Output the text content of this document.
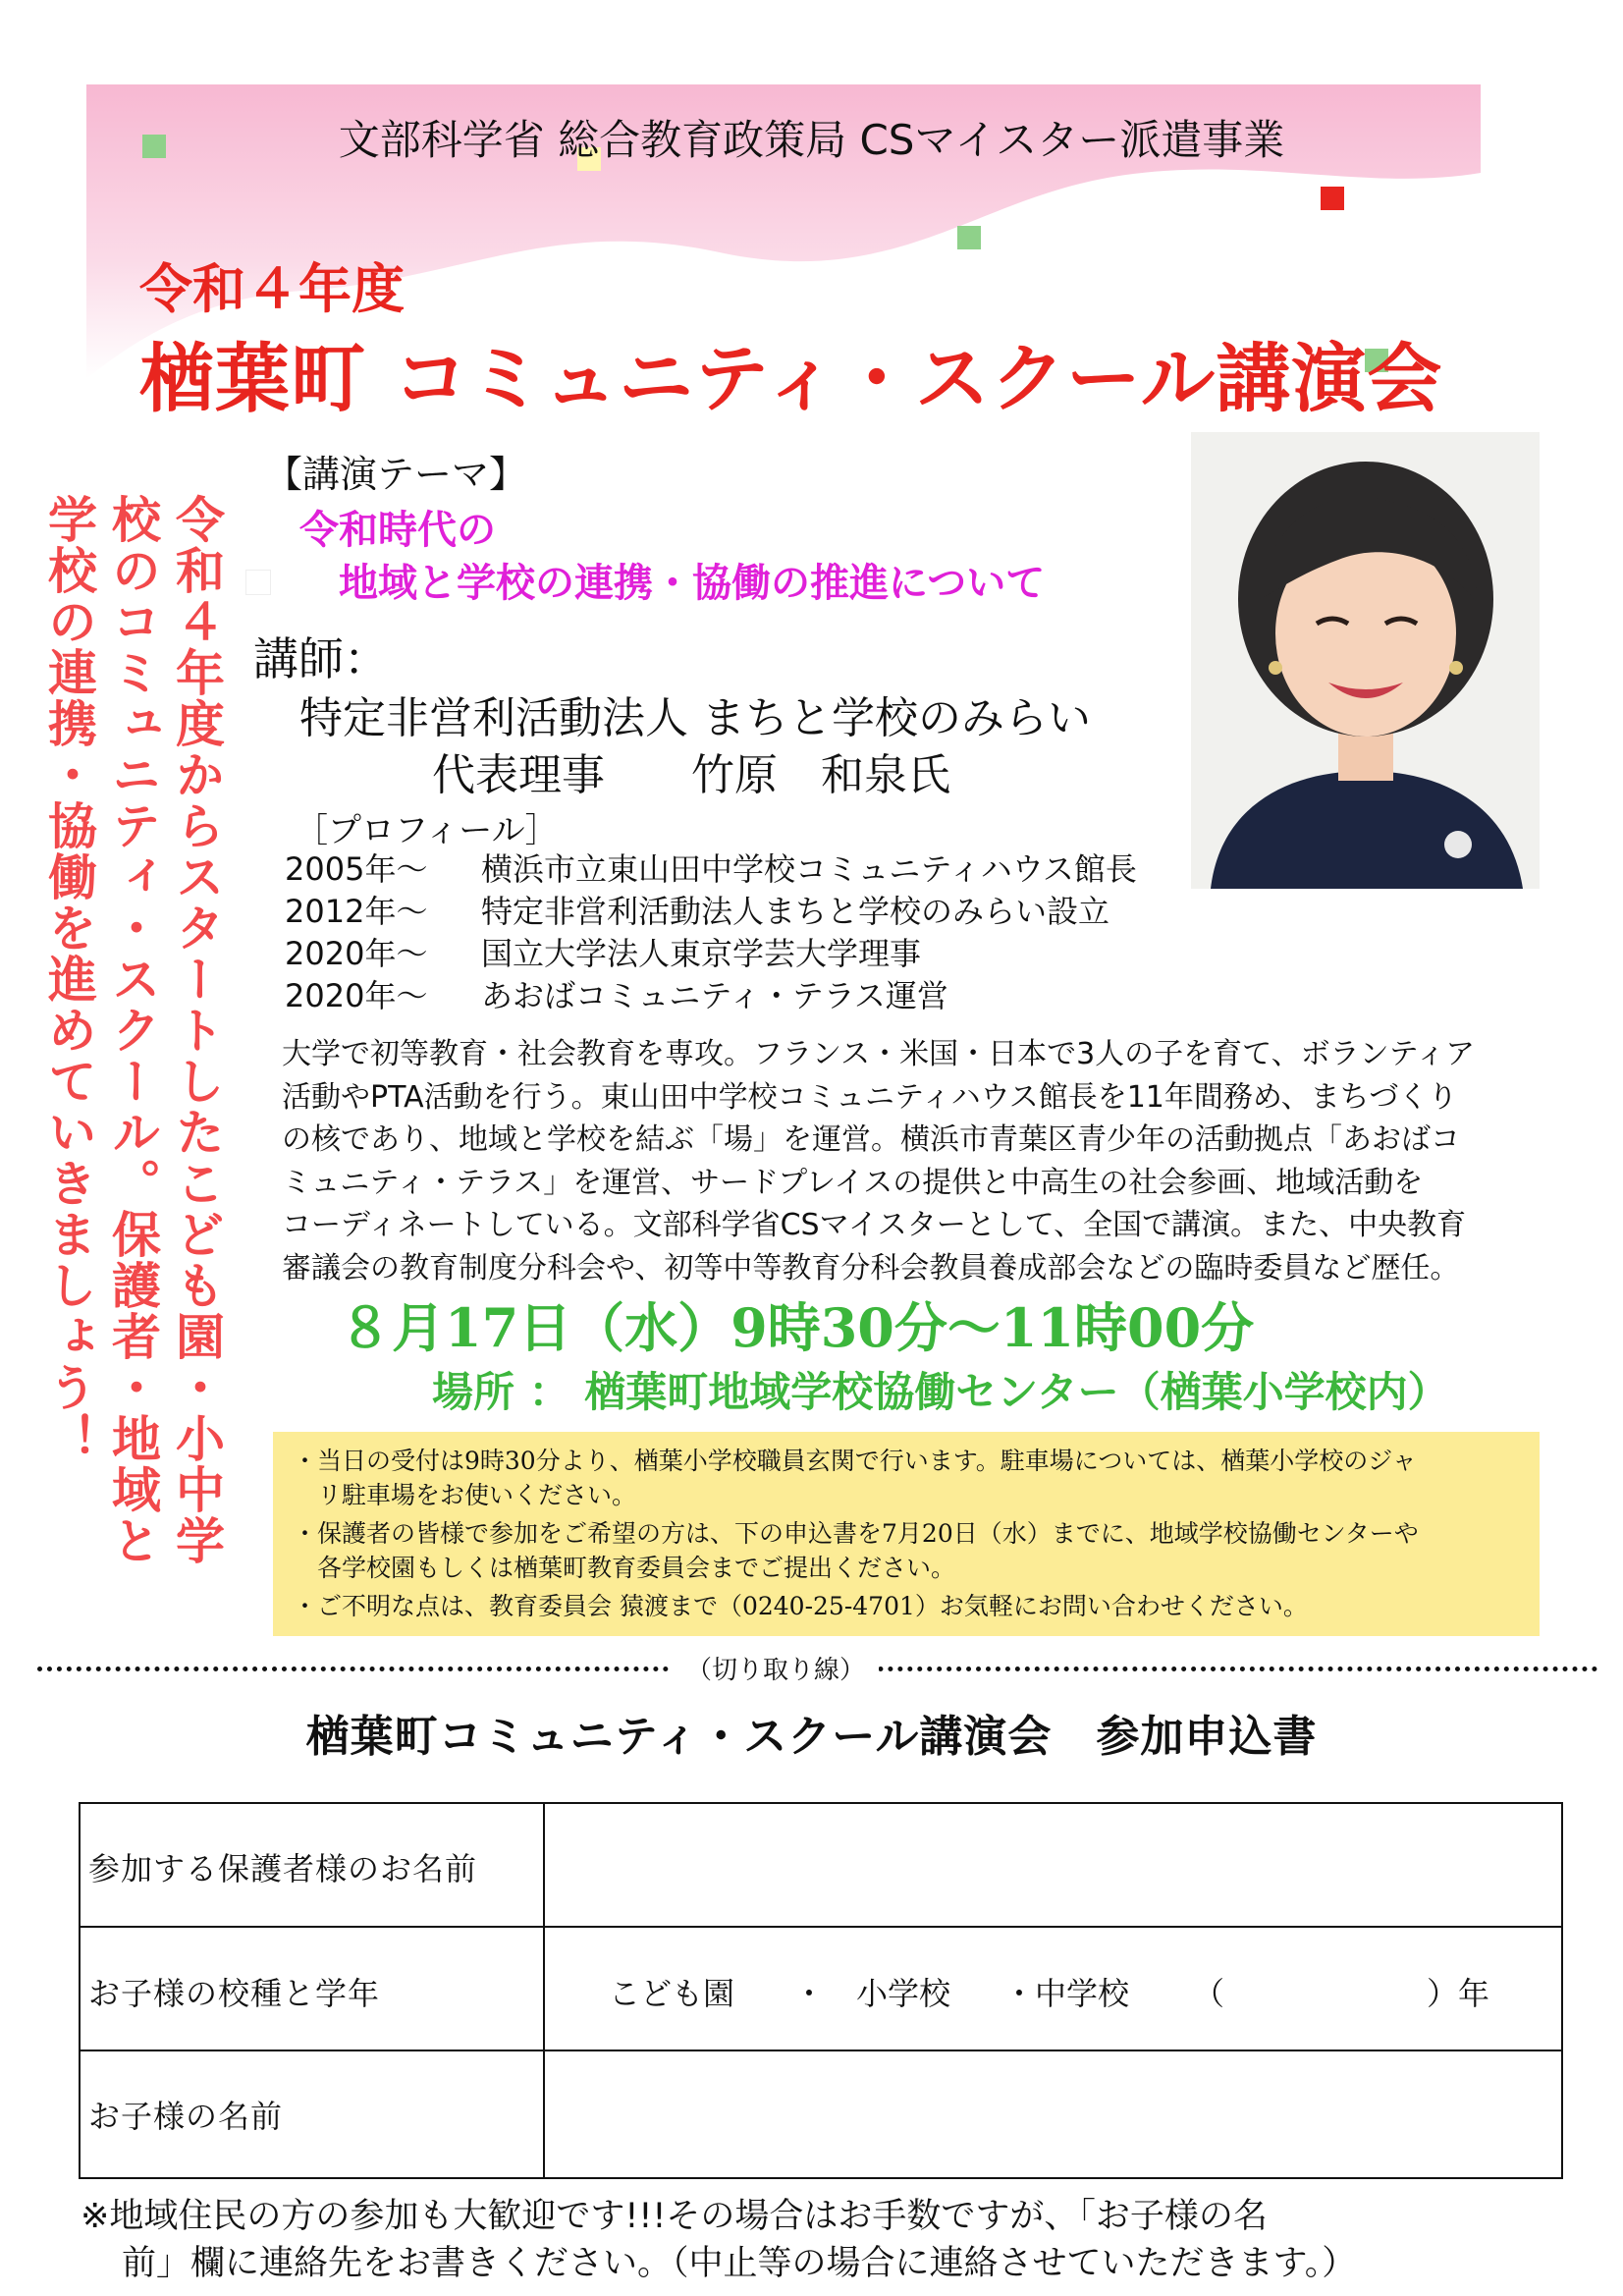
文部科学省 総合教育政策局 CSマイスター派遣事業
令和４年度
楢葉町 コミュニティ・スクール講演会
令和４年度からスタートしたこども園・小中学
校のコミュニティ・スクール。保護者・地域と
学校の連携・協働を進めていきましょう！
【講演テーマ】
令和時代の
地域と学校の連携・協働の推進について
講師：
特定非営利活動法人 まちと学校のみらい
代表理事　　竹原　和泉氏
［プロフィール］
2005年～ 横浜市立東山田中学校コミュニティハウス館長
2012年～ 特定非営利活動法人まちと学校のみらい設立
2020年～ 国立大学法人東京学芸大学理事
2020年～ あおばコミュニティ・テラス運営
大学で初等教育・社会教育を専攻。フランス・米国・日本で3人の子を育て、ボランティア
活動やPTA活動を行う。東山田中学校コミュニティハウス館長を11年間務め、まちづくり
の核であり、地域と学校を結ぶ「場」を運営。横浜市青葉区青少年の活動拠点「あおばコ
ミュニティ・テラス」を運営、サードプレイスの提供と中高生の社会参画、地域活動を
コーディネートしている。文部科学省CSマイスターとして、全国で講演。また、中央教育
審議会の教育制度分科会や、初等中等教育分科会教員養成部会などの臨時委員など歴任。
８月17日（水）9時30分～11時00分
場所 ： 楢葉町地域学校協働センター（楢葉小学校内）
・当日の受付は9時30分より、楢葉小学校職員玄関で行います。駐車場については、楢葉小学校のジャ
　リ駐車場をお使いください。
・保護者の皆様で参加をご希望の方は、下の申込書を7月20日（水）までに、地域学校協働センターや
　各学校園もしくは楢葉町教育委員会までご提出ください。
・ご不明な点は、教育委員会 猿渡まで（0240-25-4701）お気軽にお問い合わせください。
（切り取り線）
楢葉町コミュニティ・スクール講演会　参加申込書
参加する保護者様のお名前
お子様の校種と学年	こども園 ・ 小学校 ・中学校 （	）年
お子様の名前
※地域住民の方の参加も大歓迎です!!!その場合はお手数ですが、「お子様の名
前」欄に連絡先をお書きください。（中止等の場合に連絡させていただきます。）
